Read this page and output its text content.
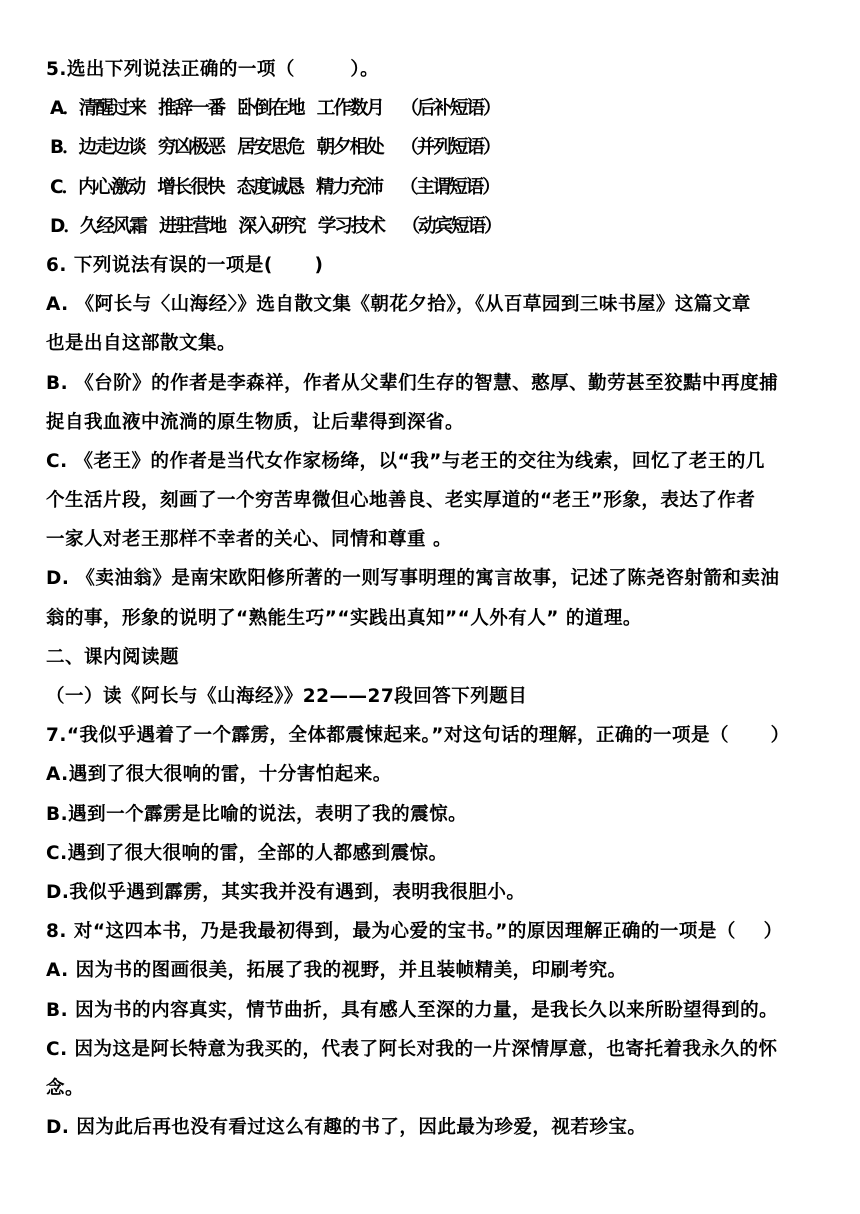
5.选出下列说法正确的一项（        ）。
A．清醒过来   推辞一番   卧倒在地   工作数月    （后补短语）
B．边走边谈   穷凶极恶   居安思危   朝夕相处    （并列短语）
C．内心激动   增长很快   态度诚恳   精力充沛    （主谓短语）
D．久经风霜   进驻营地   深入研究   学习技术    （动宾短语）
6. 下列说法有误的一项是(      )
A. 《阿长与〈山海经〉》选自散文集《朝花夕拾》，《从百草园到三味书屋》这篇文章
也是出自这部散文集。
B. 《台阶》的作者是李森祥，作者从父辈们生存的智慧、憨厚、勤劳甚至狡黠中再度捕
捉自我血液中流淌的原生物质，让后辈得到深省。
C. 《老王》的作者是当代女作家杨绛，以“我”与老王的交往为线索，回忆了老王的几
个生活片段，刻画了一个穷苦卑微但心地善良、老实厚道的“老王”形象，表达了作者
一家人对老王那样不幸者的关心、同情和尊重 。
D. 《卖油翁》是南宋欧阳修所著的一则写事明理的寓言故事，记述了陈尧咨射箭和卖油
翁的事，形象的说明了“熟能生巧”“实践出真知”“人外有人” 的道理。
二、课内阅读题
（一）读《阿长与《山海经》》22——27段回答下列题目
7.“我似乎遇着了一个霹雳，全体都震悚起来。”对这句话的理解，正确的一项是（      ）
A.遇到了很大很响的雷，十分害怕起来。
B.遇到一个霹雳是比喻的说法，表明了我的震惊。
C.遇到了很大很响的雷，全部的人都感到震惊。
D.我似乎遇到霹雳，其实我并没有遇到，表明我很胆小。
8. 对“这四本书，乃是我最初得到，最为心爱的宝书。”的原因理解正确的一项是（    ）
A. 因为书的图画很美，拓展了我的视野，并且装帧精美，印刷考究。
B. 因为书的内容真实，情节曲折，具有感人至深的力量，是我长久以来所盼望得到的。
C. 因为这是阿长特意为我买的，代表了阿长对我的一片深情厚意，也寄托着我永久的怀
念。
D. 因为此后再也没有看过这么有趣的书了，因此最为珍爱，视若珍宝。
